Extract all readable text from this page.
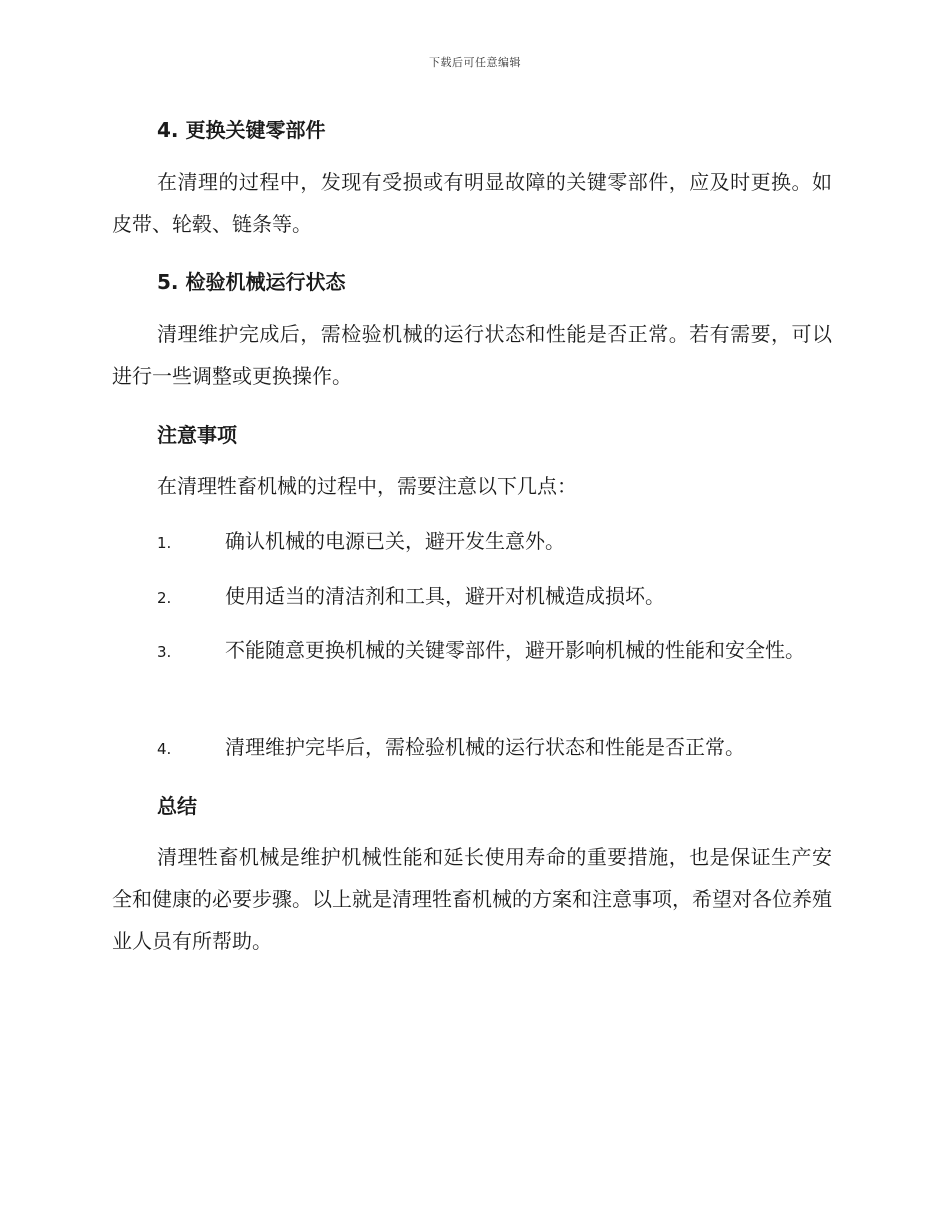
下载后可任意编辑
4. 更换关键零部件
在清理的过程中，发现有受损或有明显故障的关键零部件，应及时更换。如皮带、轮毂、链条等。
5. 检验机械运行状态
清理维护完成后，需检验机械的运行状态和性能是否正常。若有需要，可以进行一些调整或更换操作。
注意事项
在清理牲畜机械的过程中，需要注意以下几点：
1.	确认机械的电源已关，避开发生意外。
2.	使用适当的清洁剂和工具，避开对机械造成损坏。
3.	不能随意更换机械的关键零部件，避开影响机械的性能和安全性。
4.	清理维护完毕后，需检验机械的运行状态和性能是否正常。
总结
清理牲畜机械是维护机械性能和延长使用寿命的重要措施，也是保证生产安全和健康的必要步骤。以上就是清理牲畜机械的方案和注意事项，希望对各位养殖业人员有所帮助。
